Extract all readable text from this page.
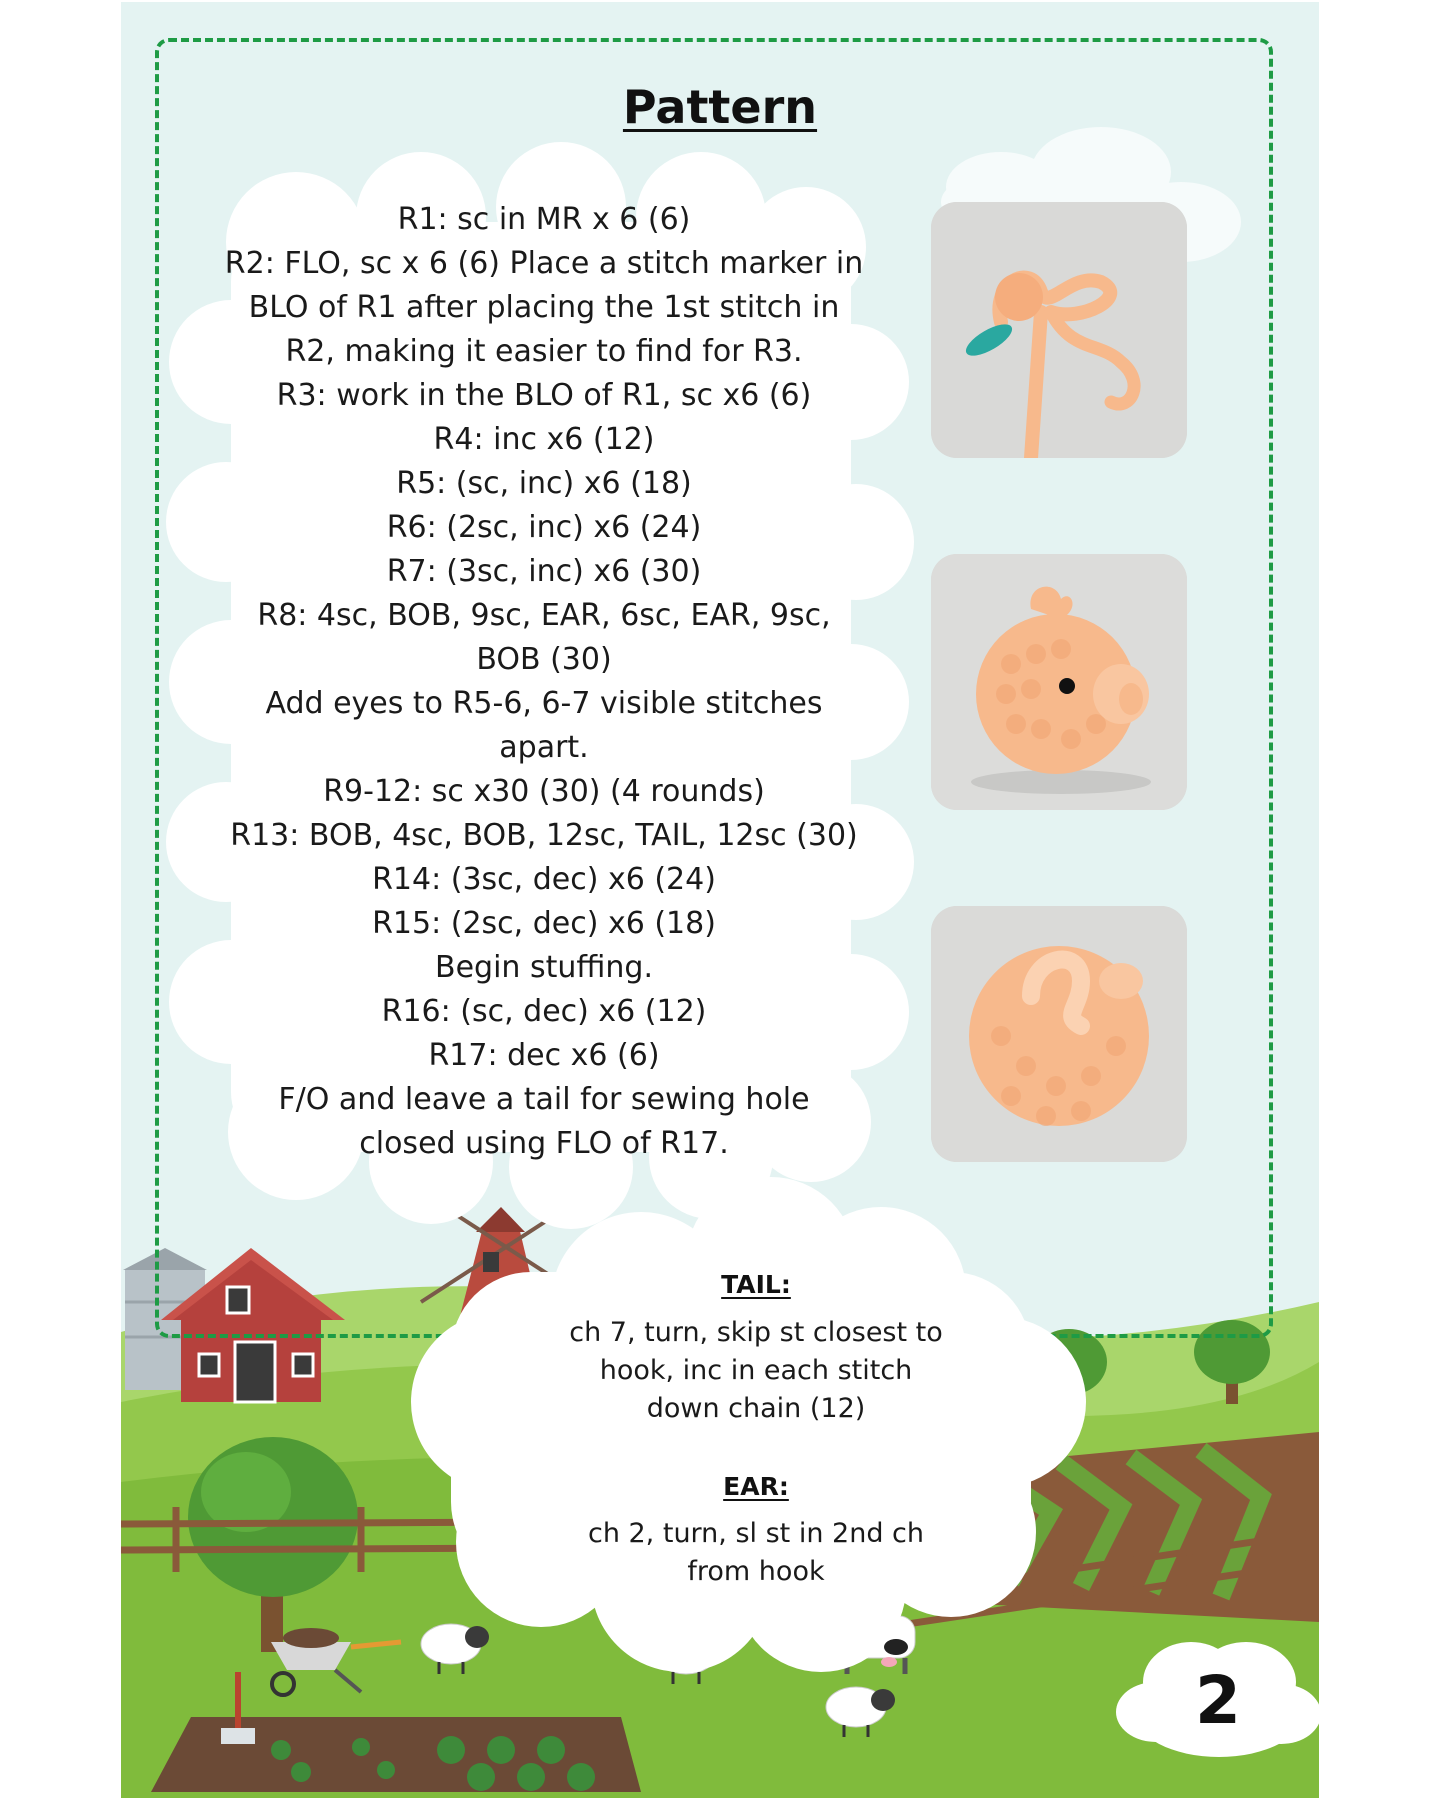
Pattern
R1: sc in MR x 6 (6)
R2: FLO, sc x 6 (6) Place a stitch marker in
BLO of R1 after placing the 1st stitch in
R2, making it easier to find for R3.
R3: work in the BLO of R1, sc x6 (6)
R4: inc x6 (12)
R5: (sc, inc) x6 (18)
R6: (2sc, inc) x6 (24)
R7: (3sc, inc) x6 (30)
R8: 4sc, BOB, 9sc, EAR, 6sc, EAR, 9sc,
BOB (30)
Add eyes to R5-6, 6-7 visible stitches
apart.
R9-12: sc x30 (30) (4 rounds)
R13: BOB, 4sc, BOB, 12sc, TAIL, 12sc (30)
R14: (3sc, dec) x6 (24)
R15: (2sc, dec) x6 (18)
Begin stuffing.
R16: (sc, dec) x6 (12)
R17: dec x6 (6)
F/O and leave a tail for sewing hole
closed using FLO of R17.
TAIL:
ch 7, turn, skip st closest to
hook, inc in each stitch
down chain (12)
EAR:
ch 2, turn, sl st in 2nd ch
from hook
2
